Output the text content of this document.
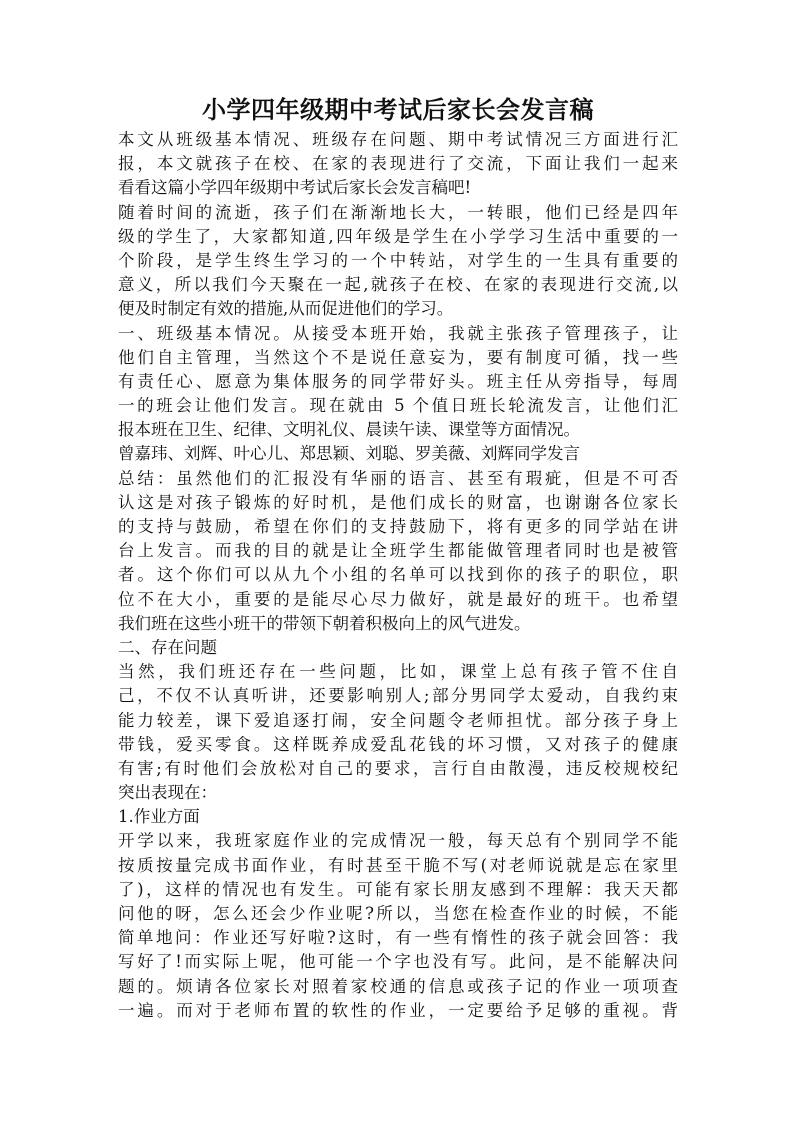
小学四年级期中考试后家长会发言稿
本文从班级基本情况、班级存在问题、期中考试情况三方面进行汇
报，本文就孩子在校、在家的表现进行了交流，下面让我们一起来
看看这篇小学四年级期中考试后家长会发言稿吧!
随着时间的流逝，孩子们在渐渐地长大，一转眼，他们已经是四年
级的学生了，大家都知道,四年级是学生在小学学习生活中重要的一
个阶段，是学生终生学习的一个中转站，对学生的一生具有重要的
意义，所以我们今天聚在一起,就孩子在校、在家的表现进行交流,以
便及时制定有效的措施,从而促进他们的学习。
一、班级基本情况。从接受本班开始，我就主张孩子管理孩子，让
他们自主管理，当然这个不是说任意妄为，要有制度可循，找一些
有责任心、愿意为集体服务的同学带好头。班主任从旁指导，每周
一的班会让他们发言。现在就由 5 个值日班长轮流发言，让他们汇
报本班在卫生、纪律、文明礼仪、晨读午读、课堂等方面情况。
曾嘉玮、刘辉、叶心儿、郑思颖、刘聪、罗美薇、刘辉同学发言
总结：虽然他们的汇报没有华丽的语言、甚至有瑕疵，但是不可否
认这是对孩子锻炼的好时机，是他们成长的财富，也谢谢各位家长
的支持与鼓励，希望在你们的支持鼓励下，将有更多的同学站在讲
台上发言。而我的目的就是让全班学生都能做管理者同时也是被管
者。这个你们可以从九个小组的名单可以找到你的孩子的职位，职
位不在大小，重要的是能尽心尽力做好，就是最好的班干。也希望
我们班在这些小班干的带领下朝着积极向上的风气进发。
二、存在问题
当然，我们班还存在一些问题，比如，课堂上总有孩子管不住自
己，不仅不认真听讲，还要影响别人;部分男同学太爱动，自我约束
能力较差，课下爱追逐打闹，安全问题令老师担忧。部分孩子身上
带钱，爱买零食。这样既养成爱乱花钱的坏习惯，又对孩子的健康
有害;有时他们会放松对自己的要求，言行自由散漫，违反校规校纪
突出表现在：
1.作业方面
开学以来，我班家庭作业的完成情况一般，每天总有个别同学不能
按质按量完成书面作业，有时甚至干脆不写(对老师说就是忘在家里
了)，这样的情况也有发生。可能有家长朋友感到不理解：我天天都
问他的呀，怎么还会少作业呢?所以，当您在检查作业的时候，不能
简单地问：作业还写好啦?这时，有一些有惰性的孩子就会回答：我
写好了!而实际上呢，他可能一个字也没有写。此问，是不能解决问
题的。烦请各位家长对照着家校通的信息或孩子记的作业一项项查
一遍。而对于老师布置的软性的作业，一定要给予足够的重视。背
